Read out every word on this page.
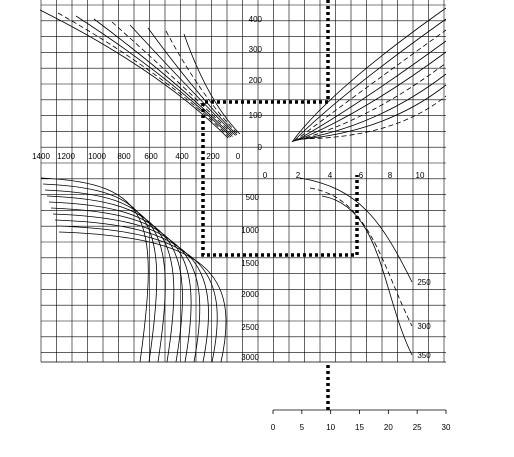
250
300
350
1400 1200 1000 800 600 400 200 0
400
300
200
100
0
0	2	4	6	8	10
500
1000
1500
2000
2500
3000
0	5	10 15 20 25 30
